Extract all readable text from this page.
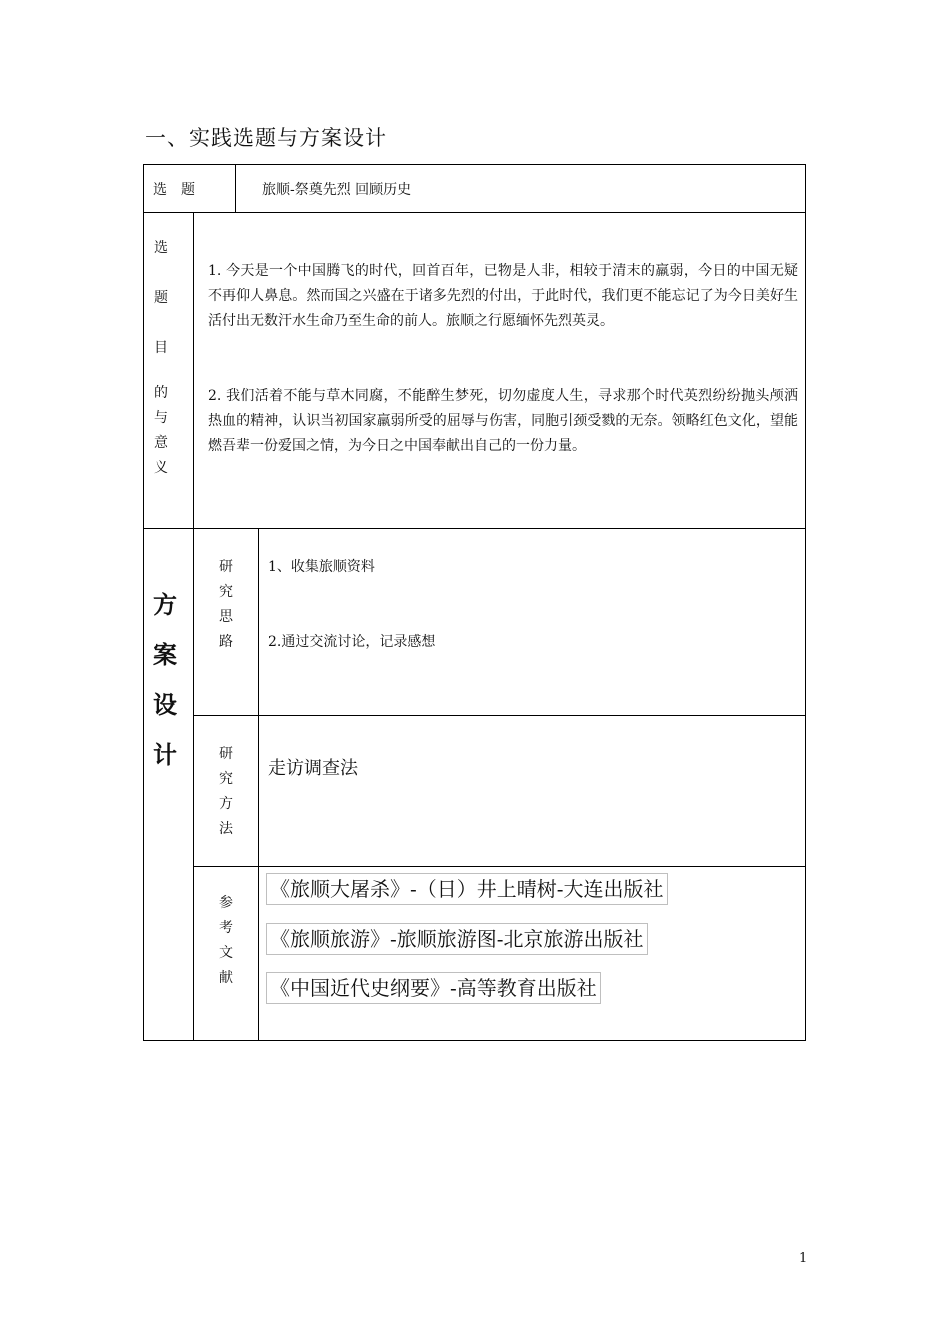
一、实践选题与方案设计
选　题	旅顺-祭奠先烈 回顾历史
选
题
目
的
与
意
义
1. 今天是一个中国腾飞的时代，回首百年，已物是人非，相较于清末的羸弱，今日的中国无疑不再仰人鼻息。然而国之兴盛在于诸多先烈的付出，于此时代，我们更不能忘记了为今日美好生活付出无数汗水生命乃至生命的前人。旅顺之行愿缅怀先烈英灵。
2. 我们活着不能与草木同腐，不能醉生梦死，切勿虚度人生，寻求那个时代英烈纷纷抛头颅洒热血的精神，认识当初国家羸弱所受的屈辱与伤害，同胞引颈受戮的无奈。领略红色文化，望能燃吾辈一份爱国之情，为今日之中国奉献出自己的一份力量。
方
案
设
计
研
究
思
路
1、收集旅顺资料
2.通过交流讨论，记录感想
研
究
方
法
走访调查法
参
考
文
献
《旅顺大屠杀》-（日）井上晴树-大连出版社
《旅顺旅游》-旅顺旅游图-北京旅游出版社
《中国近代史纲要》-高等教育出版社
1
